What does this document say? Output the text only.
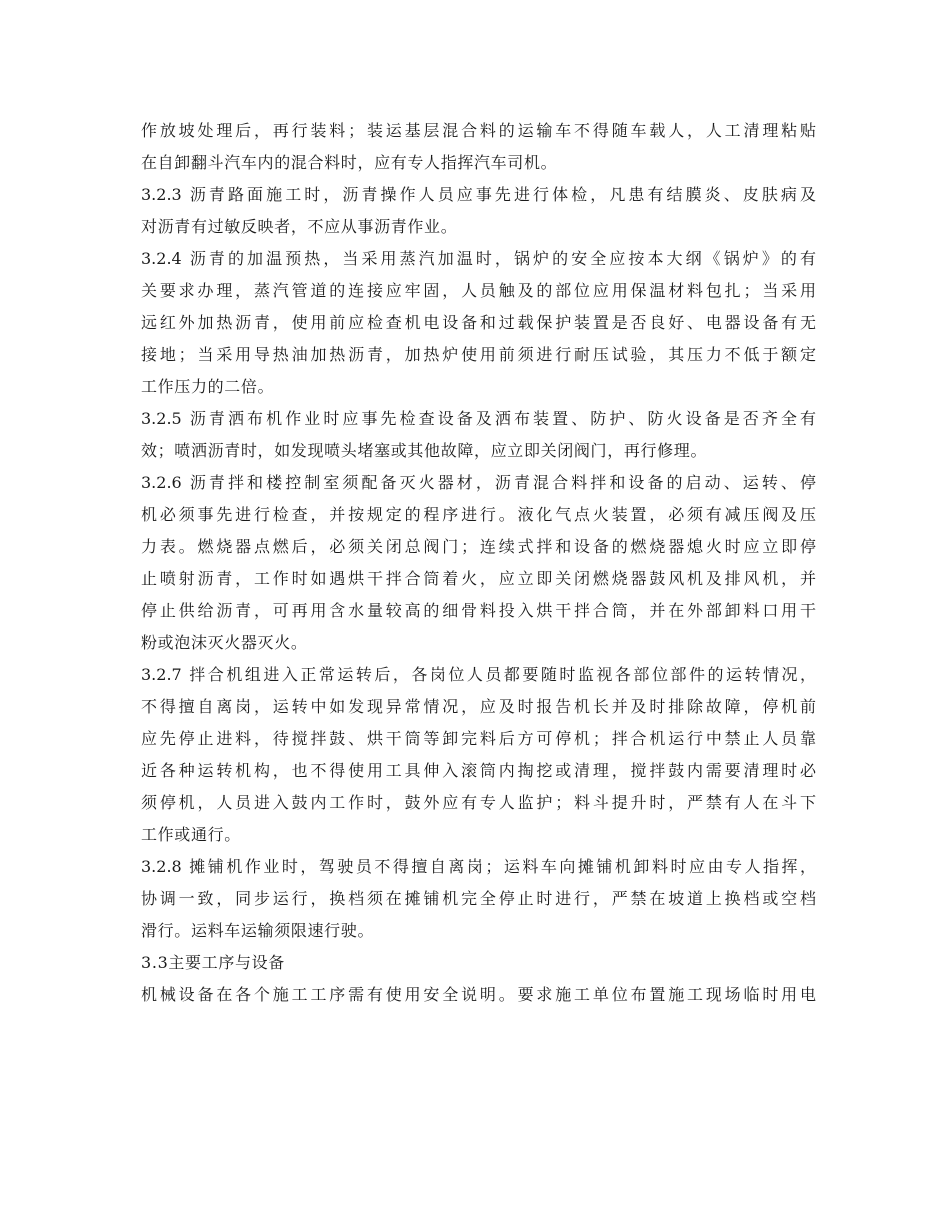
作放坡处理后，再行装料；装运基层混合料的运输车不得随车载人，人工清理粘贴
在自卸翻斗汽车内的混合料时，应有专人指挥汽车司机。
3.2.3 沥青路面施工时，沥青操作人员应事先进行体检，凡患有结膜炎、皮肤病及
对沥青有过敏反映者，不应从事沥青作业。
3.2.4 沥青的加温预热，当采用蒸汽加温时，锅炉的安全应按本大纲《锅炉》的有
关要求办理，蒸汽管道的连接应牢固，人员触及的部位应用保温材料包扎；当采用
远红外加热沥青，使用前应检查机电设备和过载保护装置是否良好、电器设备有无
接地；当采用导热油加热沥青，加热炉使用前须进行耐压试验，其压力不低于额定
工作压力的二倍。
3.2.5 沥青洒布机作业时应事先检查设备及洒布装置、防护、防火设备是否齐全有
效；喷洒沥青时，如发现喷头堵塞或其他故障，应立即关闭阀门，再行修理。
3.2.6 沥青拌和楼控制室须配备灭火器材，沥青混合料拌和设备的启动、运转、停
机必须事先进行检查，并按规定的程序进行。液化气点火装置，必须有减压阀及压
力表。燃烧器点燃后，必须关闭总阀门；连续式拌和设备的燃烧器熄火时应立即停
止喷射沥青，工作时如遇烘干拌合筒着火，应立即关闭燃烧器鼓风机及排风机，并
停止供给沥青，可再用含水量较高的细骨料投入烘干拌合筒，并在外部卸料口用干
粉或泡沫灭火器灭火。
3.2.7 拌合机组进入正常运转后，各岗位人员都要随时监视各部位部件的运转情况，
不得擅自离岗，运转中如发现异常情况，应及时报告机长并及时排除故障，停机前
应先停止进料，待搅拌鼓、烘干筒等卸完料后方可停机；拌合机运行中禁止人员靠
近各种运转机构，也不得使用工具伸入滚筒内掏挖或清理，搅拌鼓内需要清理时必
须停机，人员进入鼓内工作时，鼓外应有专人监护；料斗提升时，严禁有人在斗下
工作或通行。
3.2.8 摊铺机作业时，驾驶员不得擅自离岗；运料车向摊铺机卸料时应由专人指挥，
协调一致，同步运行，换档须在摊铺机完全停止时进行，严禁在坡道上换档或空档
滑行。运料车运输须限速行驶。
3.3主要工序与设备
机械设备在各个施工工序需有使用安全说明。要求施工单位布置施工现场临时用电
